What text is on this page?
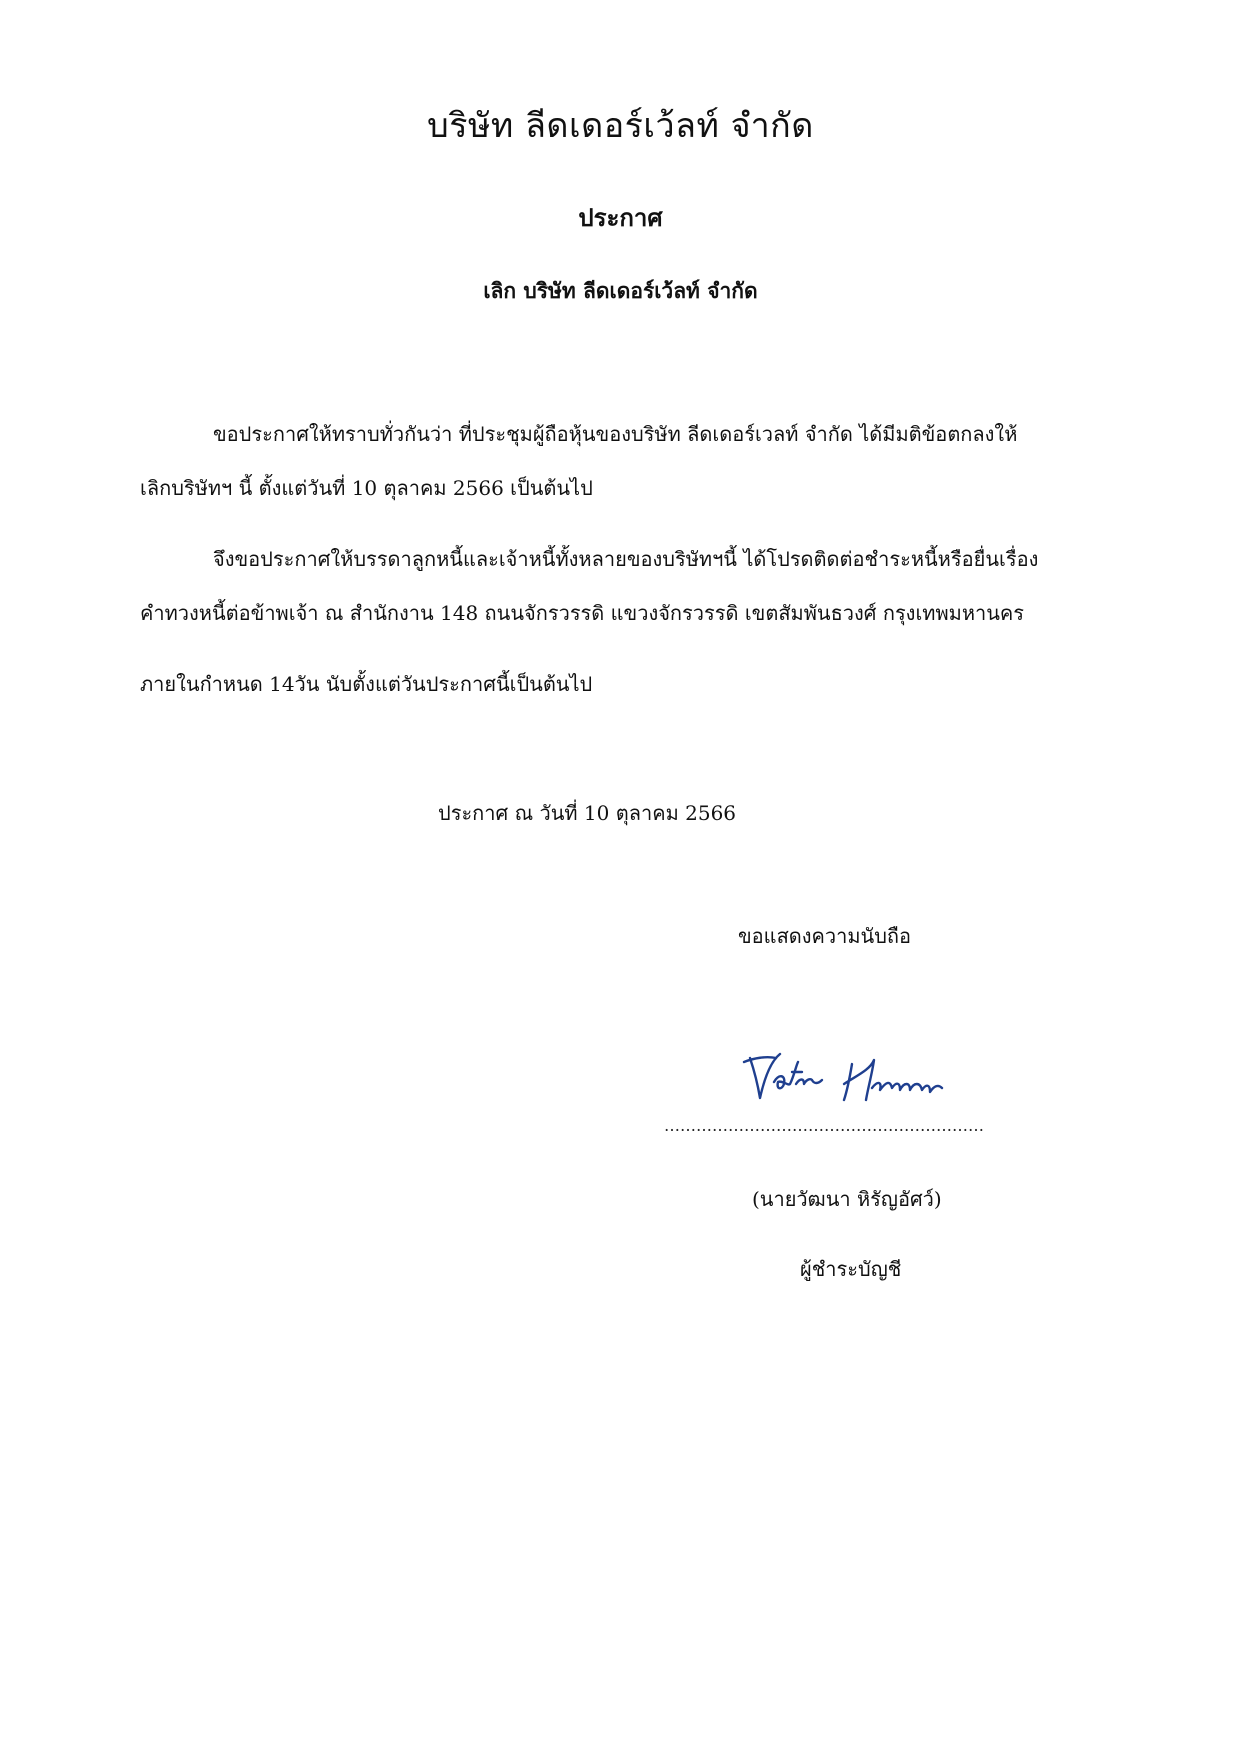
บริษัท ลีดเดอร์เว้ลท์ จำกัด
ประกาศ
เลิก บริษัท ลีดเดอร์เว้ลท์ จำกัด
ขอประกาศให้ทราบทั่วกันว่า ที่ประชุมผู้ถือหุ้นของบริษัท ลีดเดอร์เวลท์ จำกัด ได้มีมติข้อตกลงให้
เลิกบริษัทฯ นี้ ตั้งแต่วันที่ 10 ตุลาคม 2566 เป็นต้นไป
จึงขอประกาศให้บรรดาลูกหนี้และเจ้าหนี้ทั้งหลายของบริษัทฯนี้ ได้โปรดติดต่อชำระหนี้หรือยื่นเรื่อง
คำทวงหนี้ต่อข้าพเจ้า ณ สำนักงาน 148 ถนนจักรวรรดิ แขวงจักรวรรดิ เขตสัมพันธวงศ์ กรุงเทพมหานคร
ภายในกำหนด 14วัน นับตั้งแต่วันประกาศนี้เป็นต้นไป
ประกาศ ณ วันที่ 10 ตุลาคม 2566
ขอแสดงความนับถือ
……………………………………………………
(นายวัฒนา หิรัญอัศว์)
ผู้ชำระบัญชี
